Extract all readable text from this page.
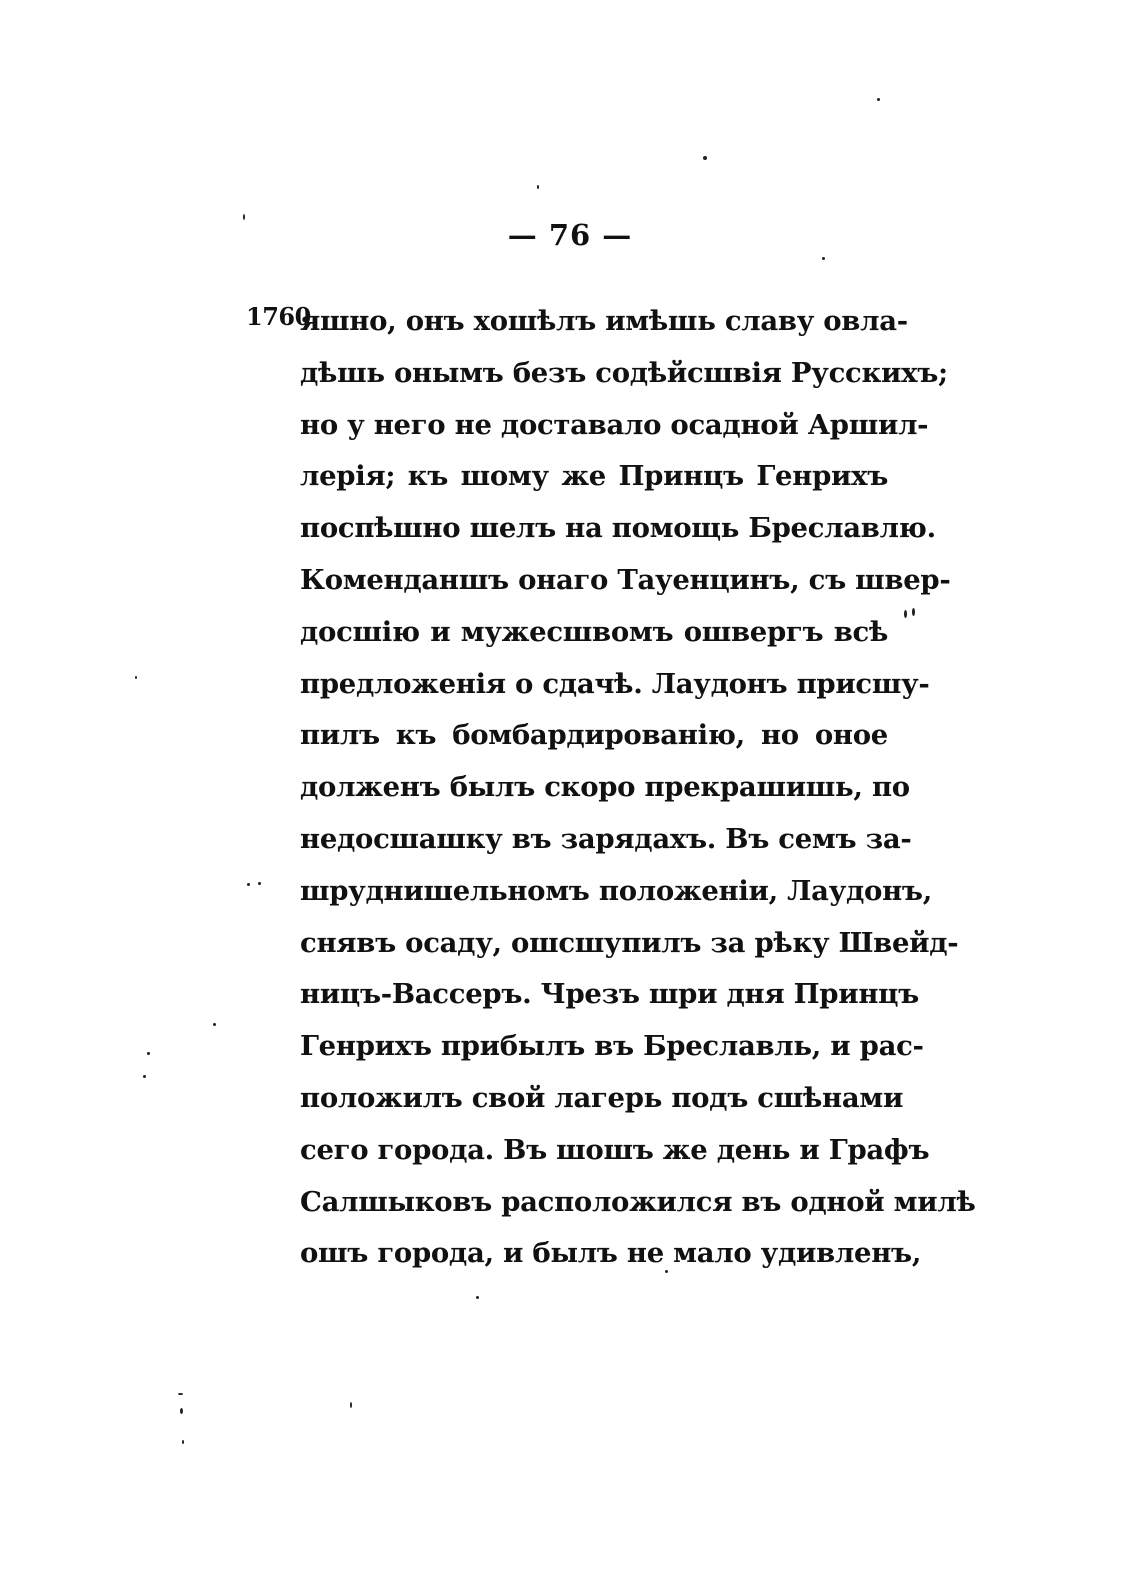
— 76 —
1760.
яшно, онъ хошѣлъ имѣшь славу овла-
дѣшь онымъ безъ содѣйсшвія Русскихъ;
но у него не доставало осадной Аршил-
лерія; къ шому же Принцъ Генрихъ
поспѣшно шелъ на помощь Бреславлю.
Коменданшъ онаго Тауенцинъ, съ швер-
досшію и мужесшвомъ ошвергъ всѣ
предложенія о сдачѣ. Лаудонъ присшу-
пилъ къ бомбардированію, но оное
долженъ былъ скоро прекрашишь, по
недосшашку въ зарядахъ. Въ семъ за-
шруднишельномъ положеніи, Лаудонъ,
снявъ осаду, ошсшупилъ за рѣку Швейд-
ницъ-Вассеръ. Чрезъ шри дня Принцъ
Генрихъ прибылъ въ Бреславль, и рас-
положилъ свой лагерь подъ сшѣнами
сего города. Въ шошъ же день и Графъ
Салшыковъ расположился въ одной милѣ
ошъ города, и былъ не мало удивленъ,
